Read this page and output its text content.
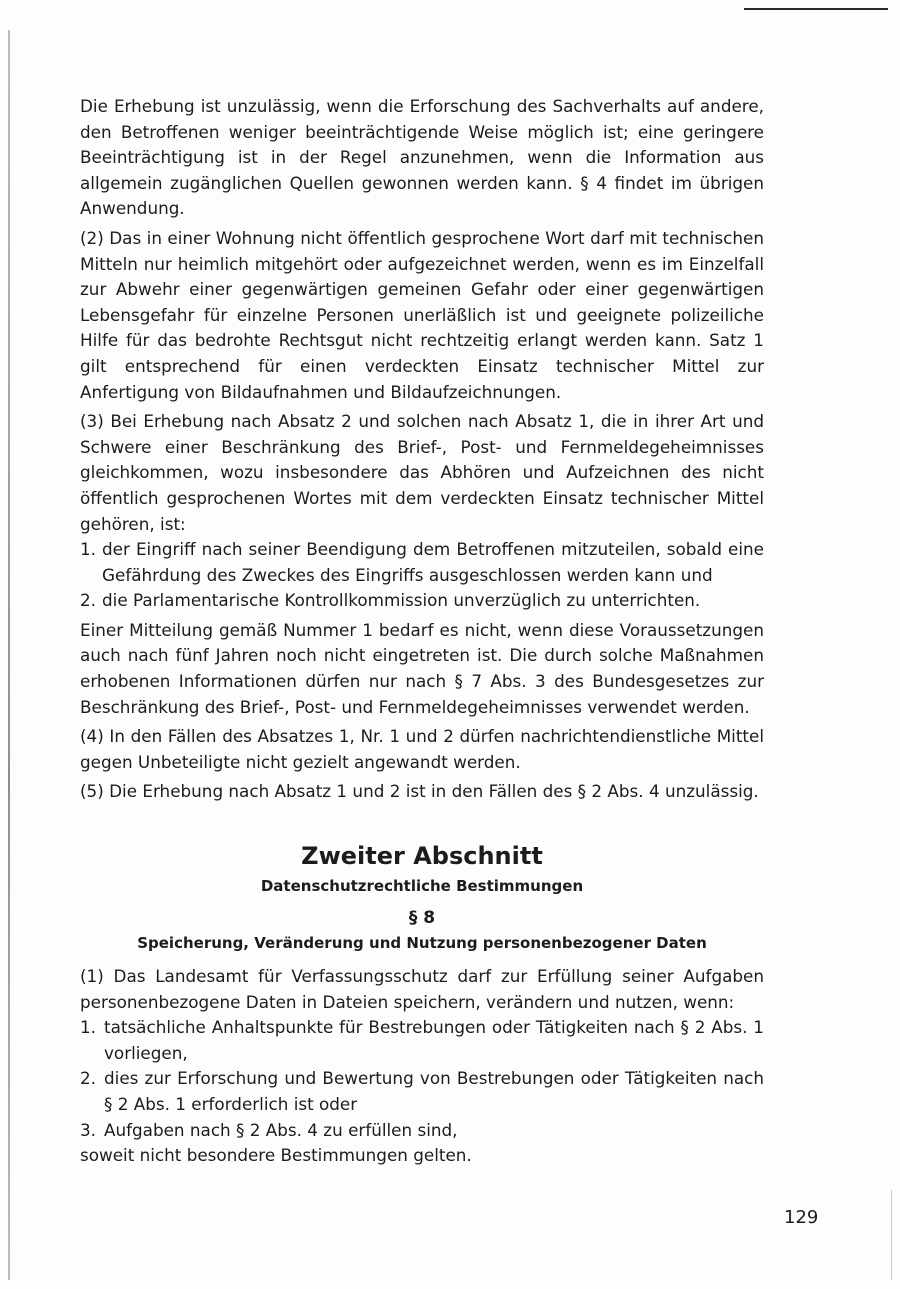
Die Erhebung ist unzulässig, wenn die Erforschung des Sachverhalts auf andere, den Betroffenen weniger beeinträchtigende Weise möglich ist; eine geringere Beeinträchtigung ist in der Regel anzunehmen, wenn die Information aus allgemein zugänglichen Quellen gewonnen werden kann. § 4 findet im übrigen Anwendung.

(2) Das in einer Wohnung nicht öffentlich gesprochene Wort darf mit technischen Mitteln nur heimlich mitgehört oder aufgezeichnet werden, wenn es im Einzelfall zur Abwehr einer gegenwärtigen gemeinen Gefahr oder einer gegenwärtigen Lebensgefahr für einzelne Personen unerläßlich ist und geeignete polizeiliche Hilfe für das bedrohte Rechtsgut nicht rechtzeitig erlangt werden kann. Satz 1 gilt entsprechend für einen verdeckten Einsatz technischer Mittel zur Anfertigung von Bildaufnahmen und Bildaufzeichnungen.

(3) Bei Erhebung nach Absatz 2 und solchen nach Absatz 1, die in ihrer Art und Schwere einer Beschränkung des Brief-, Post- und Fernmeldegeheimnisses gleichkommen, wozu insbesondere das Abhören und Aufzeichnen des nicht öffentlich gesprochenen Wortes mit dem verdeckten Einsatz technischer Mittel gehören, ist:

1. der Eingriff nach seiner Beendigung dem Betroffenen mitzuteilen, sobald eine Gefährdung des Zweckes des Eingriffs ausgeschlossen werden kann und
2. die Parlamentarische Kontrollkommission unverzüglich zu unterrichten.

Einer Mitteilung gemäß Nummer 1 bedarf es nicht, wenn diese Voraussetzungen auch nach fünf Jahren noch nicht eingetreten ist. Die durch solche Maßnahmen erhobenen Informationen dürfen nur nach § 7 Abs. 3 des Bundesgesetzes zur Beschränkung des Brief-, Post- und Fernmeldegeheimnisses verwendet werden.

(4) In den Fällen des Absatzes 1, Nr. 1 und 2 dürfen nachrichtendienstliche Mittel gegen Unbeteiligte nicht gezielt angewandt werden.

(5) Die Erhebung nach Absatz 1 und 2 ist in den Fällen des § 2 Abs. 4 unzulässig.

Zweiter Abschnitt
Datenschutzrechtliche Bestimmungen
§ 8
Speicherung, Veränderung und Nutzung personenbezogener Daten

(1) Das Landesamt für Verfassungsschutz darf zur Erfüllung seiner Aufgaben personenbezogene Daten in Dateien speichern, verändern und nutzen, wenn:

1. tatsächliche Anhaltspunkte für Bestrebungen oder Tätigkeiten nach § 2 Abs. 1 vorliegen,
2. dies zur Erforschung und Bewertung von Bestrebungen oder Tätigkeiten nach § 2 Abs. 1 erforderlich ist oder
3. Aufgaben nach § 2 Abs. 4 zu erfüllen sind,

soweit nicht besondere Bestimmungen gelten.

129
